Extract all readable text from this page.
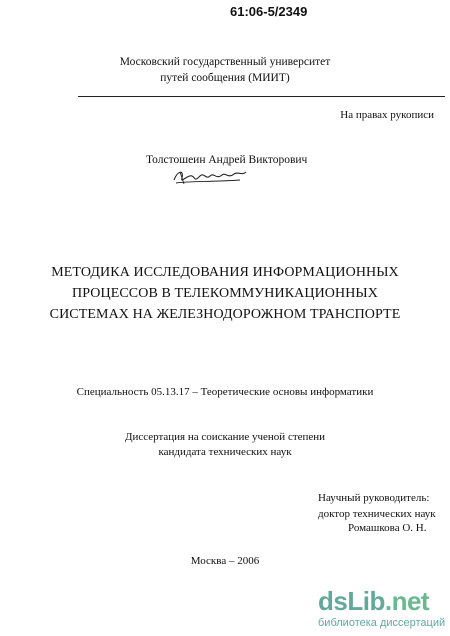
61:06-5/2349
Московский государственный университет
путей сообщения (МИИТ)
На правах рукописи
Толстошеин Андрей Викторович
МЕТОДИКА ИССЛЕДОВАНИЯ ИНФОРМАЦИОННЫХ
ПРОЦЕССОВ В ТЕЛЕКОММУНИКАЦИОННЫХ
СИСТЕМАХ НА ЖЕЛЕЗНОДОРОЖНОМ ТРАНСПОРТЕ
Специальность 05.13.17 – Теоретические основы информатики
Диссертация на соискание ученой степени
кандидата технических наук
Научный руководитель:
доктор технических наук
Ромашкова О. Н.
Москва – 2006
dsLib.net
библиотека диссертаций
